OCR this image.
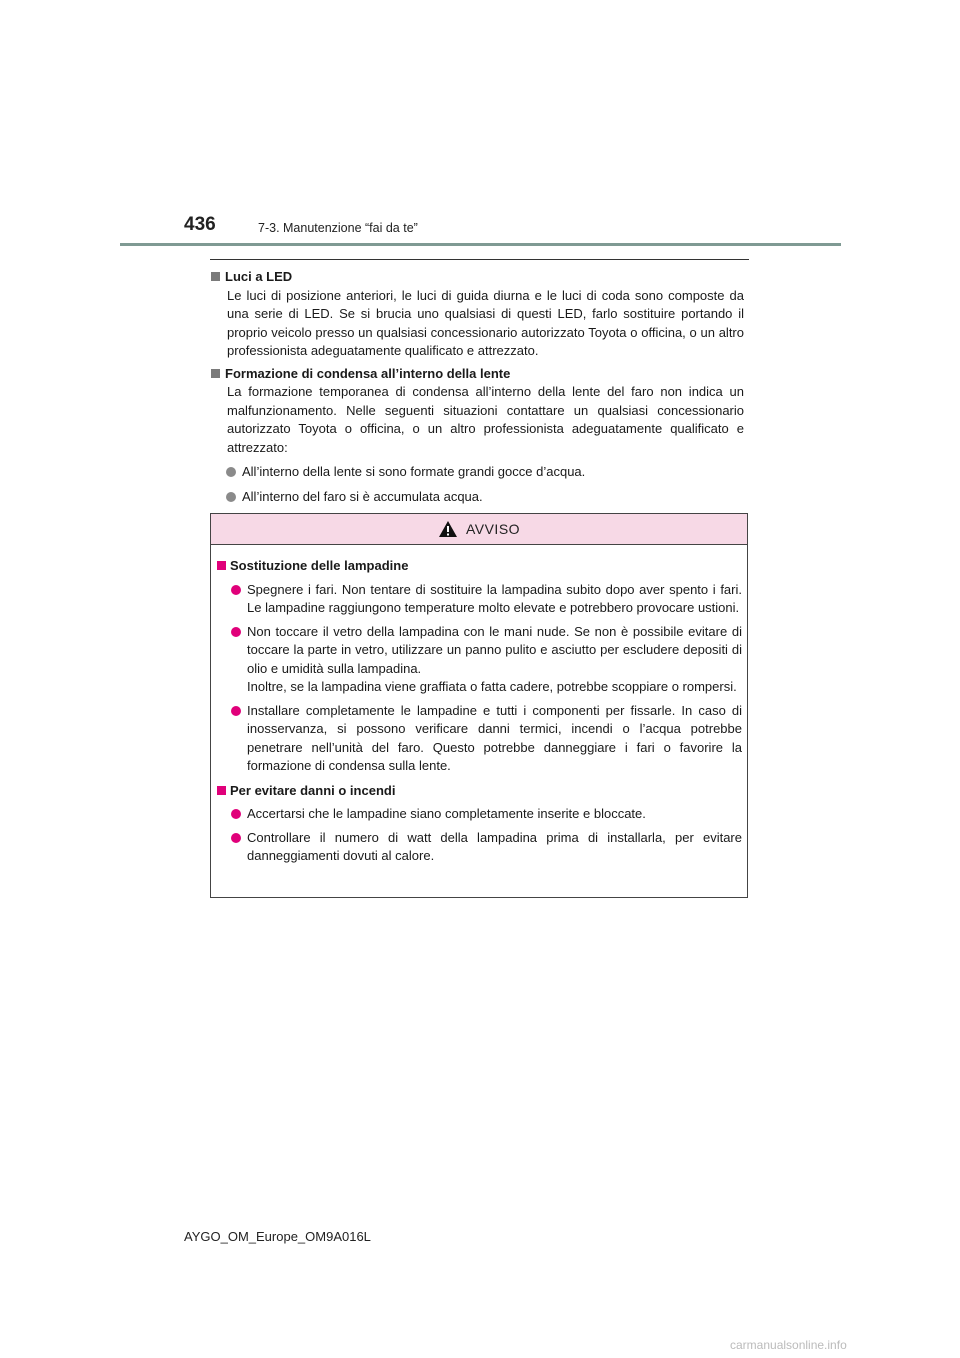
436	7-3. Manutenzione “fai da te”

Luci a LED

Le luci di posizione anteriori, le luci di guida diurna e le luci di coda sono composte da una serie di LED. Se si brucia uno qualsiasi di questi LED, farlo sostituire portando il proprio veicolo presso un qualsiasi concessionario autorizzato Toyota o officina, o un altro professionista adeguatamente qualificato e attrezzato.

Formazione di condensa all’interno della lente

La formazione temporanea di condensa all’interno della lente del faro non indica un malfunzionamento. Nelle seguenti situazioni contattare un qualsiasi concessionario autorizzato Toyota o officina, o un altro professionista adeguatamente qualificato e attrezzato:

All’interno della lente si sono formate grandi gocce d’acqua.

All’interno del faro si è accumulata acqua.

AVVISO

Sostituzione delle lampadine

Spegnere i fari. Non tentare di sostituire la lampadina subito dopo aver spento i fari. Le lampadine raggiungono temperature molto elevate e potrebbero provocare ustioni.

Non toccare il vetro della lampadina con le mani nude. Se non è possibile evitare di toccare la parte in vetro, utilizzare un panno pulito e asciutto per escludere depositi di olio e umidità sulla lampadina.
Inoltre, se la lampadina viene graffiata o fatta cadere, potrebbe scoppiare o rompersi.

Installare completamente le lampadine e tutti i componenti per fissarle. In caso di inosservanza, si possono verificare danni termici, incendi o l’acqua potrebbe penetrare nell’unità del faro. Questo potrebbe danneggiare i fari o favorire la formazione di condensa sulla lente.

Per evitare danni o incendi

Accertarsi che le lampadine siano completamente inserite e bloccate.

Controllare il numero di watt della lampadina prima di installarla, per evitare danneggiamenti dovuti al calore.

AYGO_OM_Europe_OM9A016L
carmanualsonline.info
